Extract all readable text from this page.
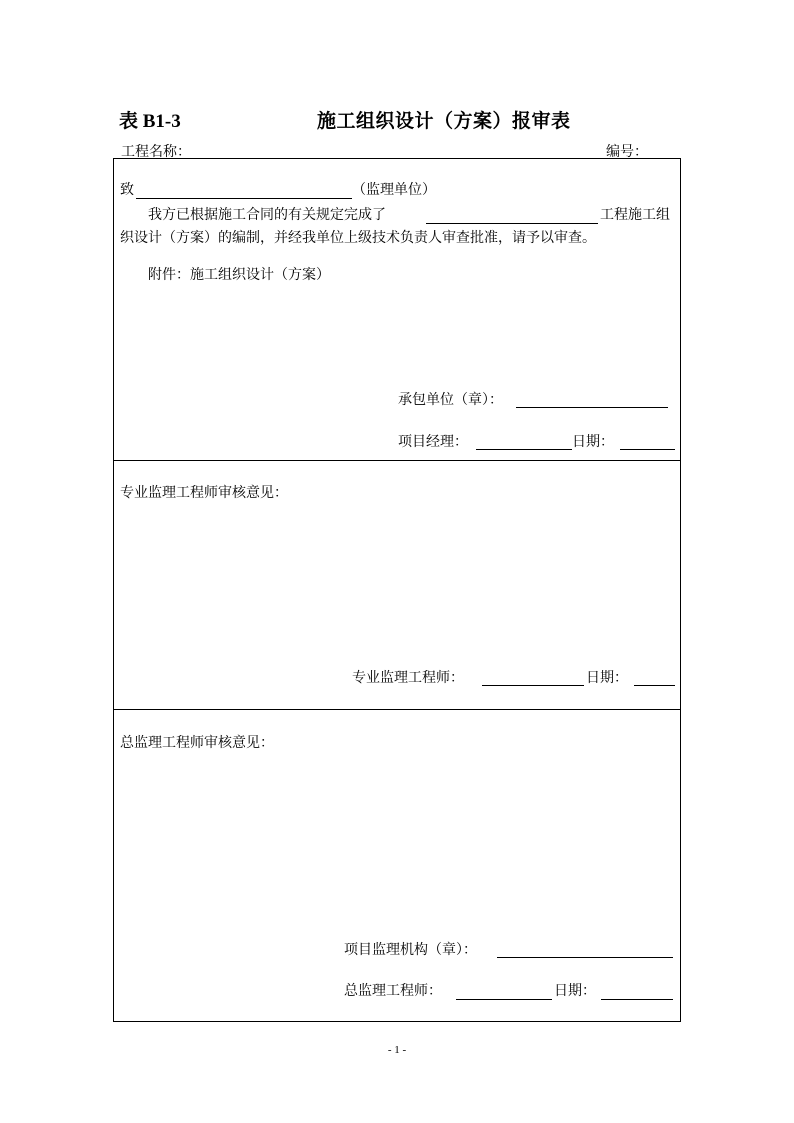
表 B1-3	施工组织设计（方案）报审表
工程名称：	编号：
致	（监理单位）
我方已根据施工合同的有关规定完成了	工程施工组
织设计（方案）的编制，并经我单位上级技术负责人审查批准，请予以审查。
附件：施工组织设计（方案）
承包单位（章）：
项目经理：	日期：
专业监理工程师审核意见：
专业监理工程师：	日期：
总监理工程师审核意见：
项目监理机构（章）：
总监理工程师：	日期：
- 1 -
